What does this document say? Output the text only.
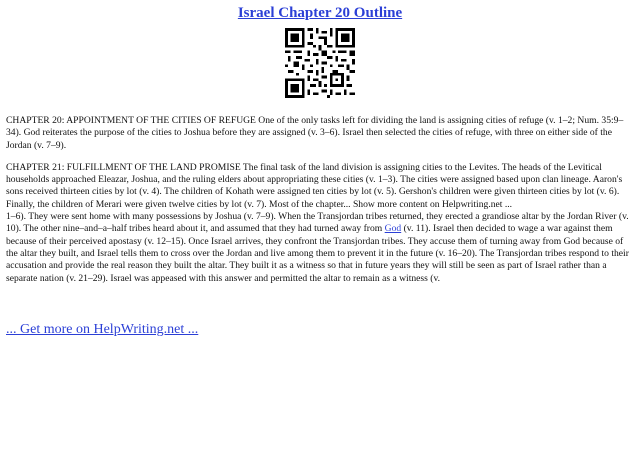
Israel Chapter 20 Outline

CHAPTER 20: APPOINTMENT OF THE CITIES OF REFUGE One of the only tasks left for dividing the land is assigning cities of refuge (v. 1–2; Num. 35:9–34). God reiterates the purpose of the cities to Joshua before they are assigned (v. 3–6). Israel then selected the cities of refuge, with three on either side of the Jordan (v. 7–9).

CHAPTER 21: FULFILLMENT OF THE LAND PROMISE The final task of the land division is assigning cities to the Levites. The heads of the Levitical households approached Eleazar, Joshua, and the ruling elders about appropriating these cities (v. 1–3). The cities were assigned based upon clan lineage. Aaron's sons received thirteen cities by lot (v. 4). The children of Kohath were assigned ten cities by lot (v. 5). Gershon's children were given thirteen cities by lot (v. 6). Finally, the children of Merari were given twelve cities by lot (v. 7). Most of the chapter... Show more content on Helpwriting.net ...

1–6). They were sent home with many possessions by Joshua (v. 7–9). When the Transjordan tribes returned, they erected a grandiose altar by the Jordan River (v. 10). The other nine–and–a–half tribes heard about it, and assumed that they had turned away from God (v. 11). Israel then decided to wage a war against them because of their perceived apostasy (v. 12–15). Once Israel arrives, they confront the Transjordan tribes. They accuse them of turning away from God because of the altar they built, and Israel tells them to cross over the Jordan and live among them to prevent it in the future (v. 16–20). The Transjordan tribes respond to their accusation and provide the real reason they built the altar. They built it as a witness so that in future years they will still be seen as part of Israel rather than a separate nation (v. 21–29). Israel was appeased with this answer and permitted the altar to remain as a witness (v.

... Get more on HelpWriting.net ...
